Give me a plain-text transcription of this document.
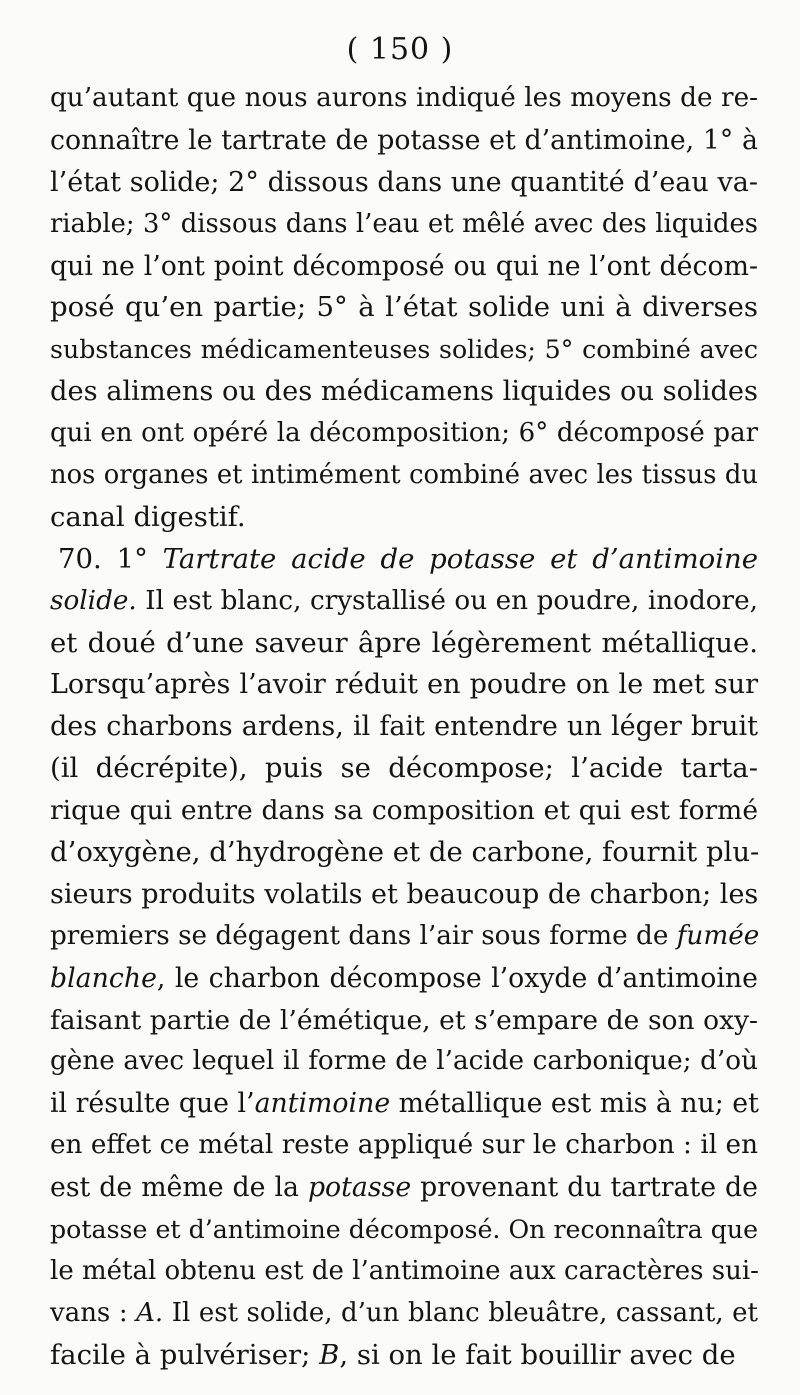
( 150 )
qu’autant que nous aurons indiqué les moyens de re-
connaître le tartrate de potasse et d’antimoine, 1° à
l’état solide; 2° dissous dans une quantité d’eau va-
riable; 3° dissous dans l’eau et mêlé avec des liquides
qui ne l’ont point décomposé ou qui ne l’ont décom-
posé qu’en partie; 5° à l’état solide uni à diverses
substances médicamenteuses solides; 5° combiné avec
des alimens ou des médicamens liquides ou solides
qui en ont opéré la décomposition; 6° décomposé par
nos organes et intimément combiné avec les tissus du
canal digestif.
70. 1° Tartrate acide de potasse et d’antimoine
solide. Il est blanc, crystallisé ou en poudre, inodore,
et doué d’une saveur âpre légèrement métallique.
Lorsqu’après l’avoir réduit en poudre on le met sur
des charbons ardens, il fait entendre un léger bruit
(il décrépite), puis se décompose; l’acide tarta-
rique qui entre dans sa composition et qui est formé
d’oxygène, d’hydrogène et de carbone, fournit plu-
sieurs produits volatils et beaucoup de charbon; les
premiers se dégagent dans l’air sous forme de fumée
blanche, le charbon décompose l’oxyde d’antimoine
faisant partie de l’émétique, et s’empare de son oxy-
gène avec lequel il forme de l’acide carbonique; d’où
il résulte que l’antimoine métallique est mis à nu; et
en effet ce métal reste appliqué sur le charbon : il en
est de même de la potasse provenant du tartrate de
potasse et d’antimoine décomposé. On reconnaîtra que
le métal obtenu est de l’antimoine aux caractères sui-
vans : A. Il est solide, d’un blanc bleuâtre, cassant, et
facile à pulvériser; B, si on le fait bouillir avec de
